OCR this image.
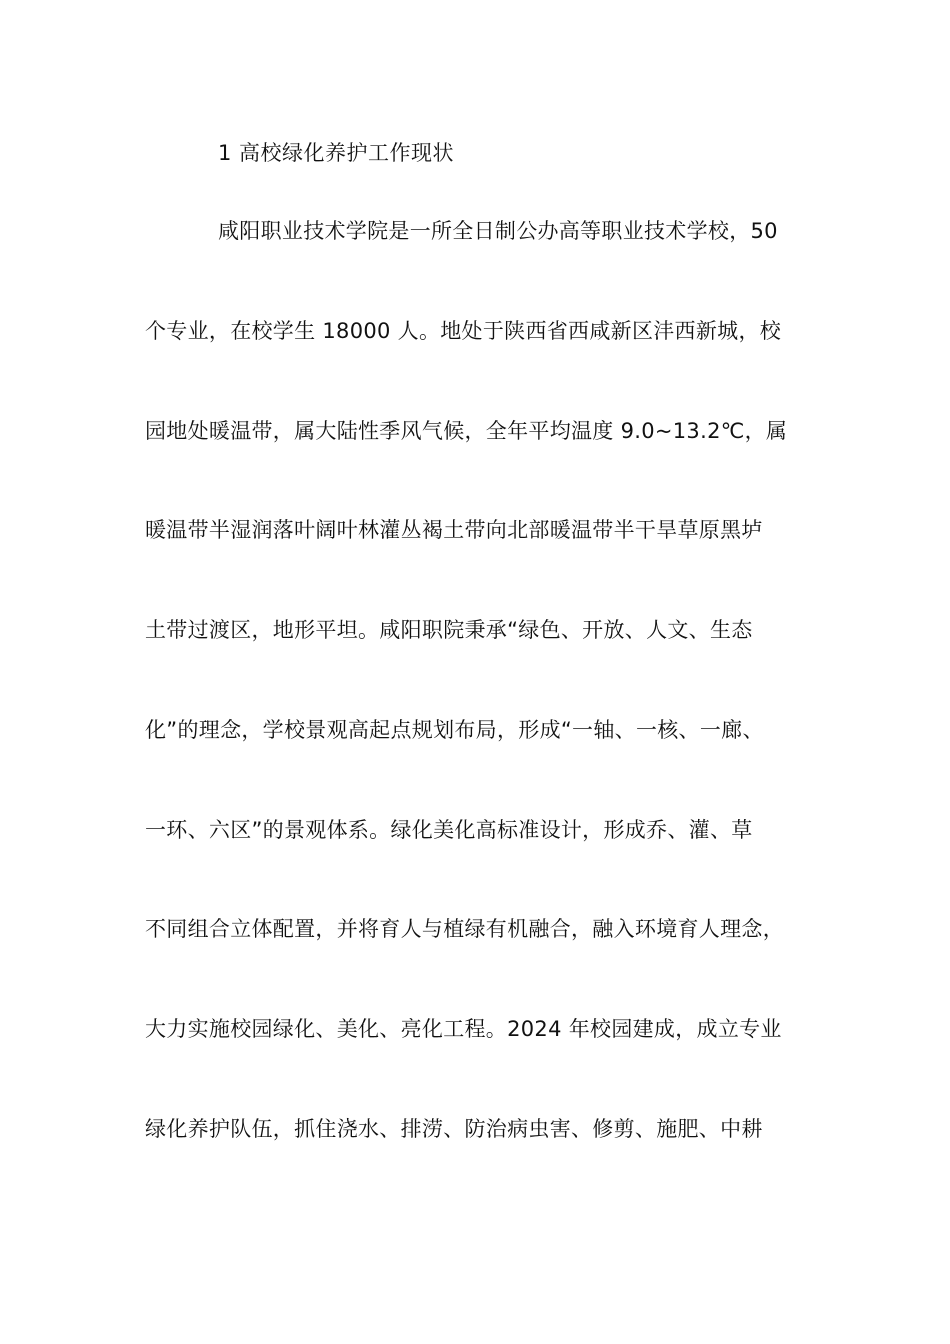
1 高校绿化养护工作现状
咸阳职业技术学院是一所全日制公办高等职业技术学校，50
个专业，在校学生 18000 人。地处于陕西省西咸新区沣西新城，校
园地处暖温带，属大陆性季风气候，全年平均温度 9.0~13.2℃，属
暖温带半湿润落叶阔叶林灌丛褐土带向北部暖温带半干旱草原黑垆
土带过渡区，地形平坦。咸阳职院秉承“绿色、开放、人文、生态
化”的理念，学校景观高起点规划布局，形成“一轴、一核、一廊、
一环、六区”的景观体系。绿化美化高标准设计，形成乔、灌、草
不同组合立体配置，并将育人与植绿有机融合，融入环境育人理念，
大力实施校园绿化、美化、亮化工程。2024 年校园建成，成立专业
绿化养护队伍，抓住浇水、排涝、防治病虫害、修剪、施肥、中耕
